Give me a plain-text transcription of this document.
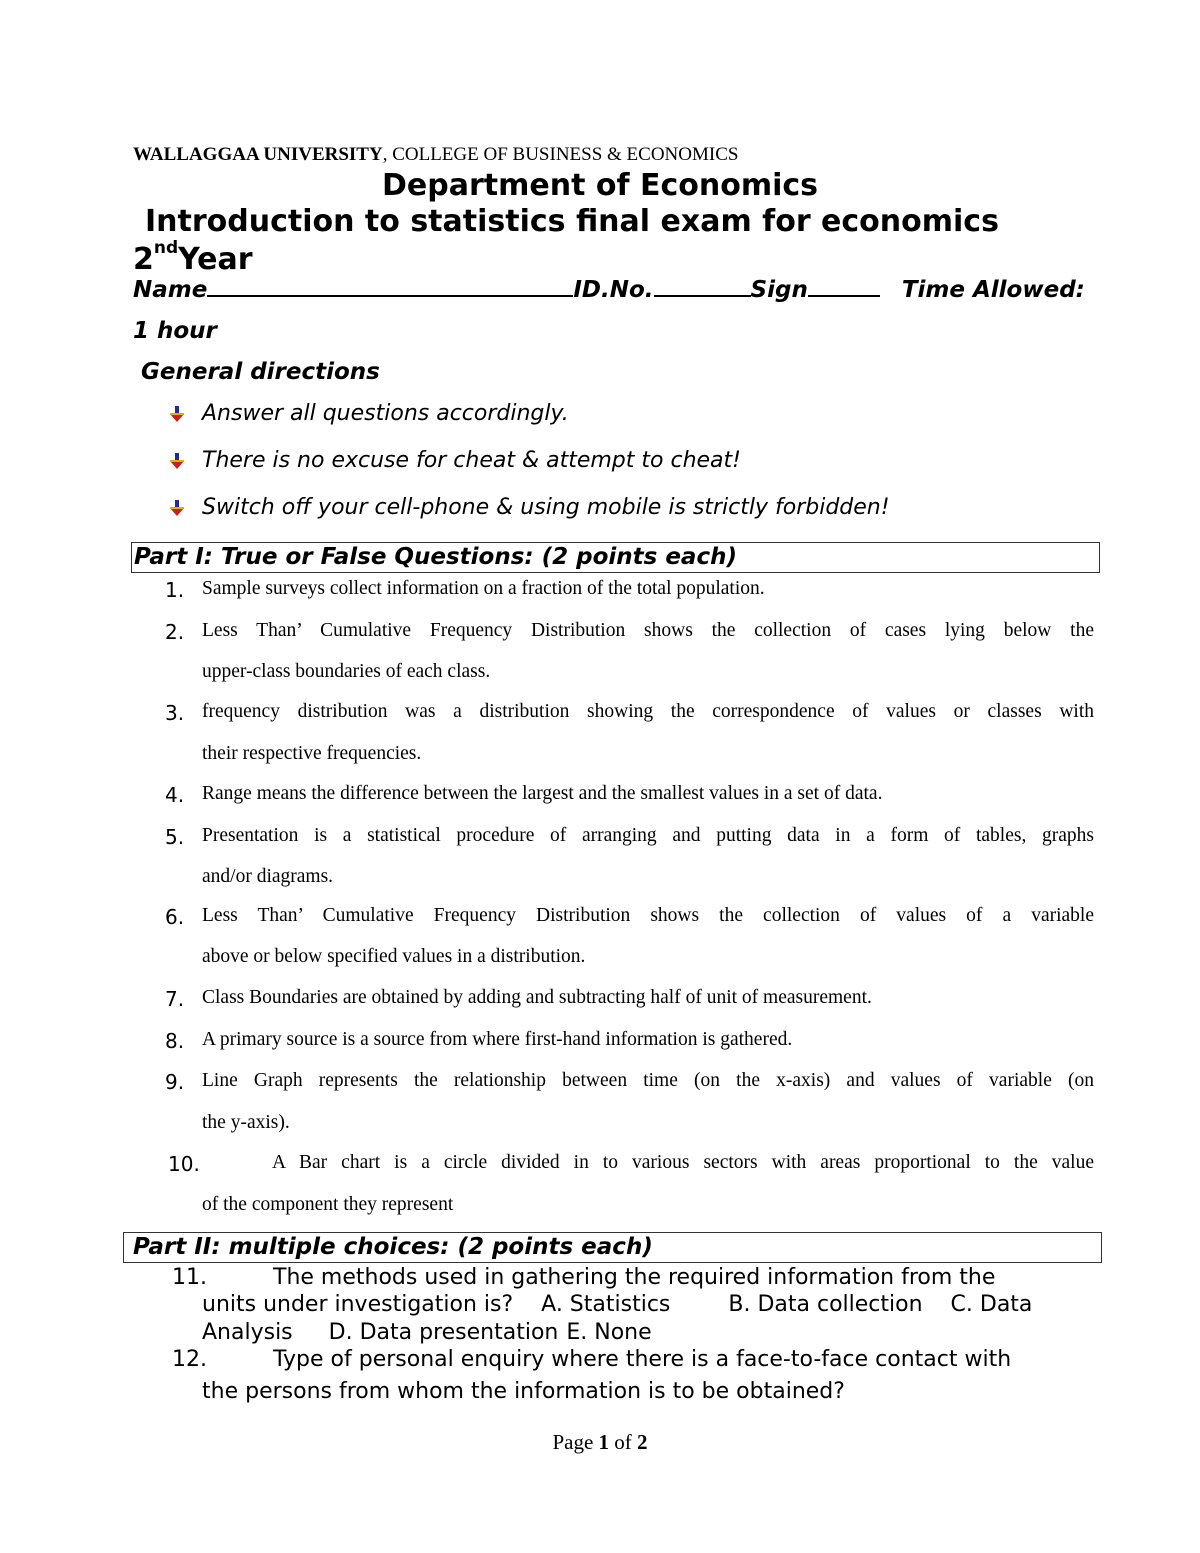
WALLAGGAA UNIVERSITY, COLLEGE OF BUSINESS & ECONOMICS
Department of Economics
Introduction to statistics final exam for economics
2ndYear
Name	ID.No.	Sign	Time Allowed:
1 hour
General directions
Answer all questions accordingly.
There is no excuse for cheat & attempt to cheat!
Switch off your cell-phone & using mobile is strictly forbidden!
Part I: True or False Questions: (2 points each)
1. Sample surveys collect information on a fraction of the total population.
2. Less Than’ Cumulative Frequency Distribution shows the collection of cases lying below the
upper-class boundaries of each class.
3. frequency distribution was a distribution showing the correspondence of values or classes with
their respective frequencies.
4. Range means the difference between the largest and the smallest values in a set of data.
5. Presentation is a statistical procedure of arranging and putting data in a form of tables, graphs
and/or diagrams.
6. Less Than’ Cumulative Frequency Distribution shows the collection of values of a variable
above or below specified values in a distribution.
7. Class Boundaries are obtained by adding and subtracting half of unit of measurement.
8. A primary source is a source from where first-hand information is gathered.
9. Line Graph represents the relationship between time (on the x-axis) and values of variable (on
the y-axis).
10.	A Bar chart is a circle divided in to various sectors with areas proportional to the value
of the component they represent
Part II: multiple choices: (2 points each)
11.	The methods used in gathering the required information from the
units under investigation is? A. Statistics	B. Data collection C. Data
Analysis D. Data presentation E. None
12.	Type of personal enquiry where there is a face-to-face contact with
the persons from whom the information is to be obtained?
Page 1 of 2
